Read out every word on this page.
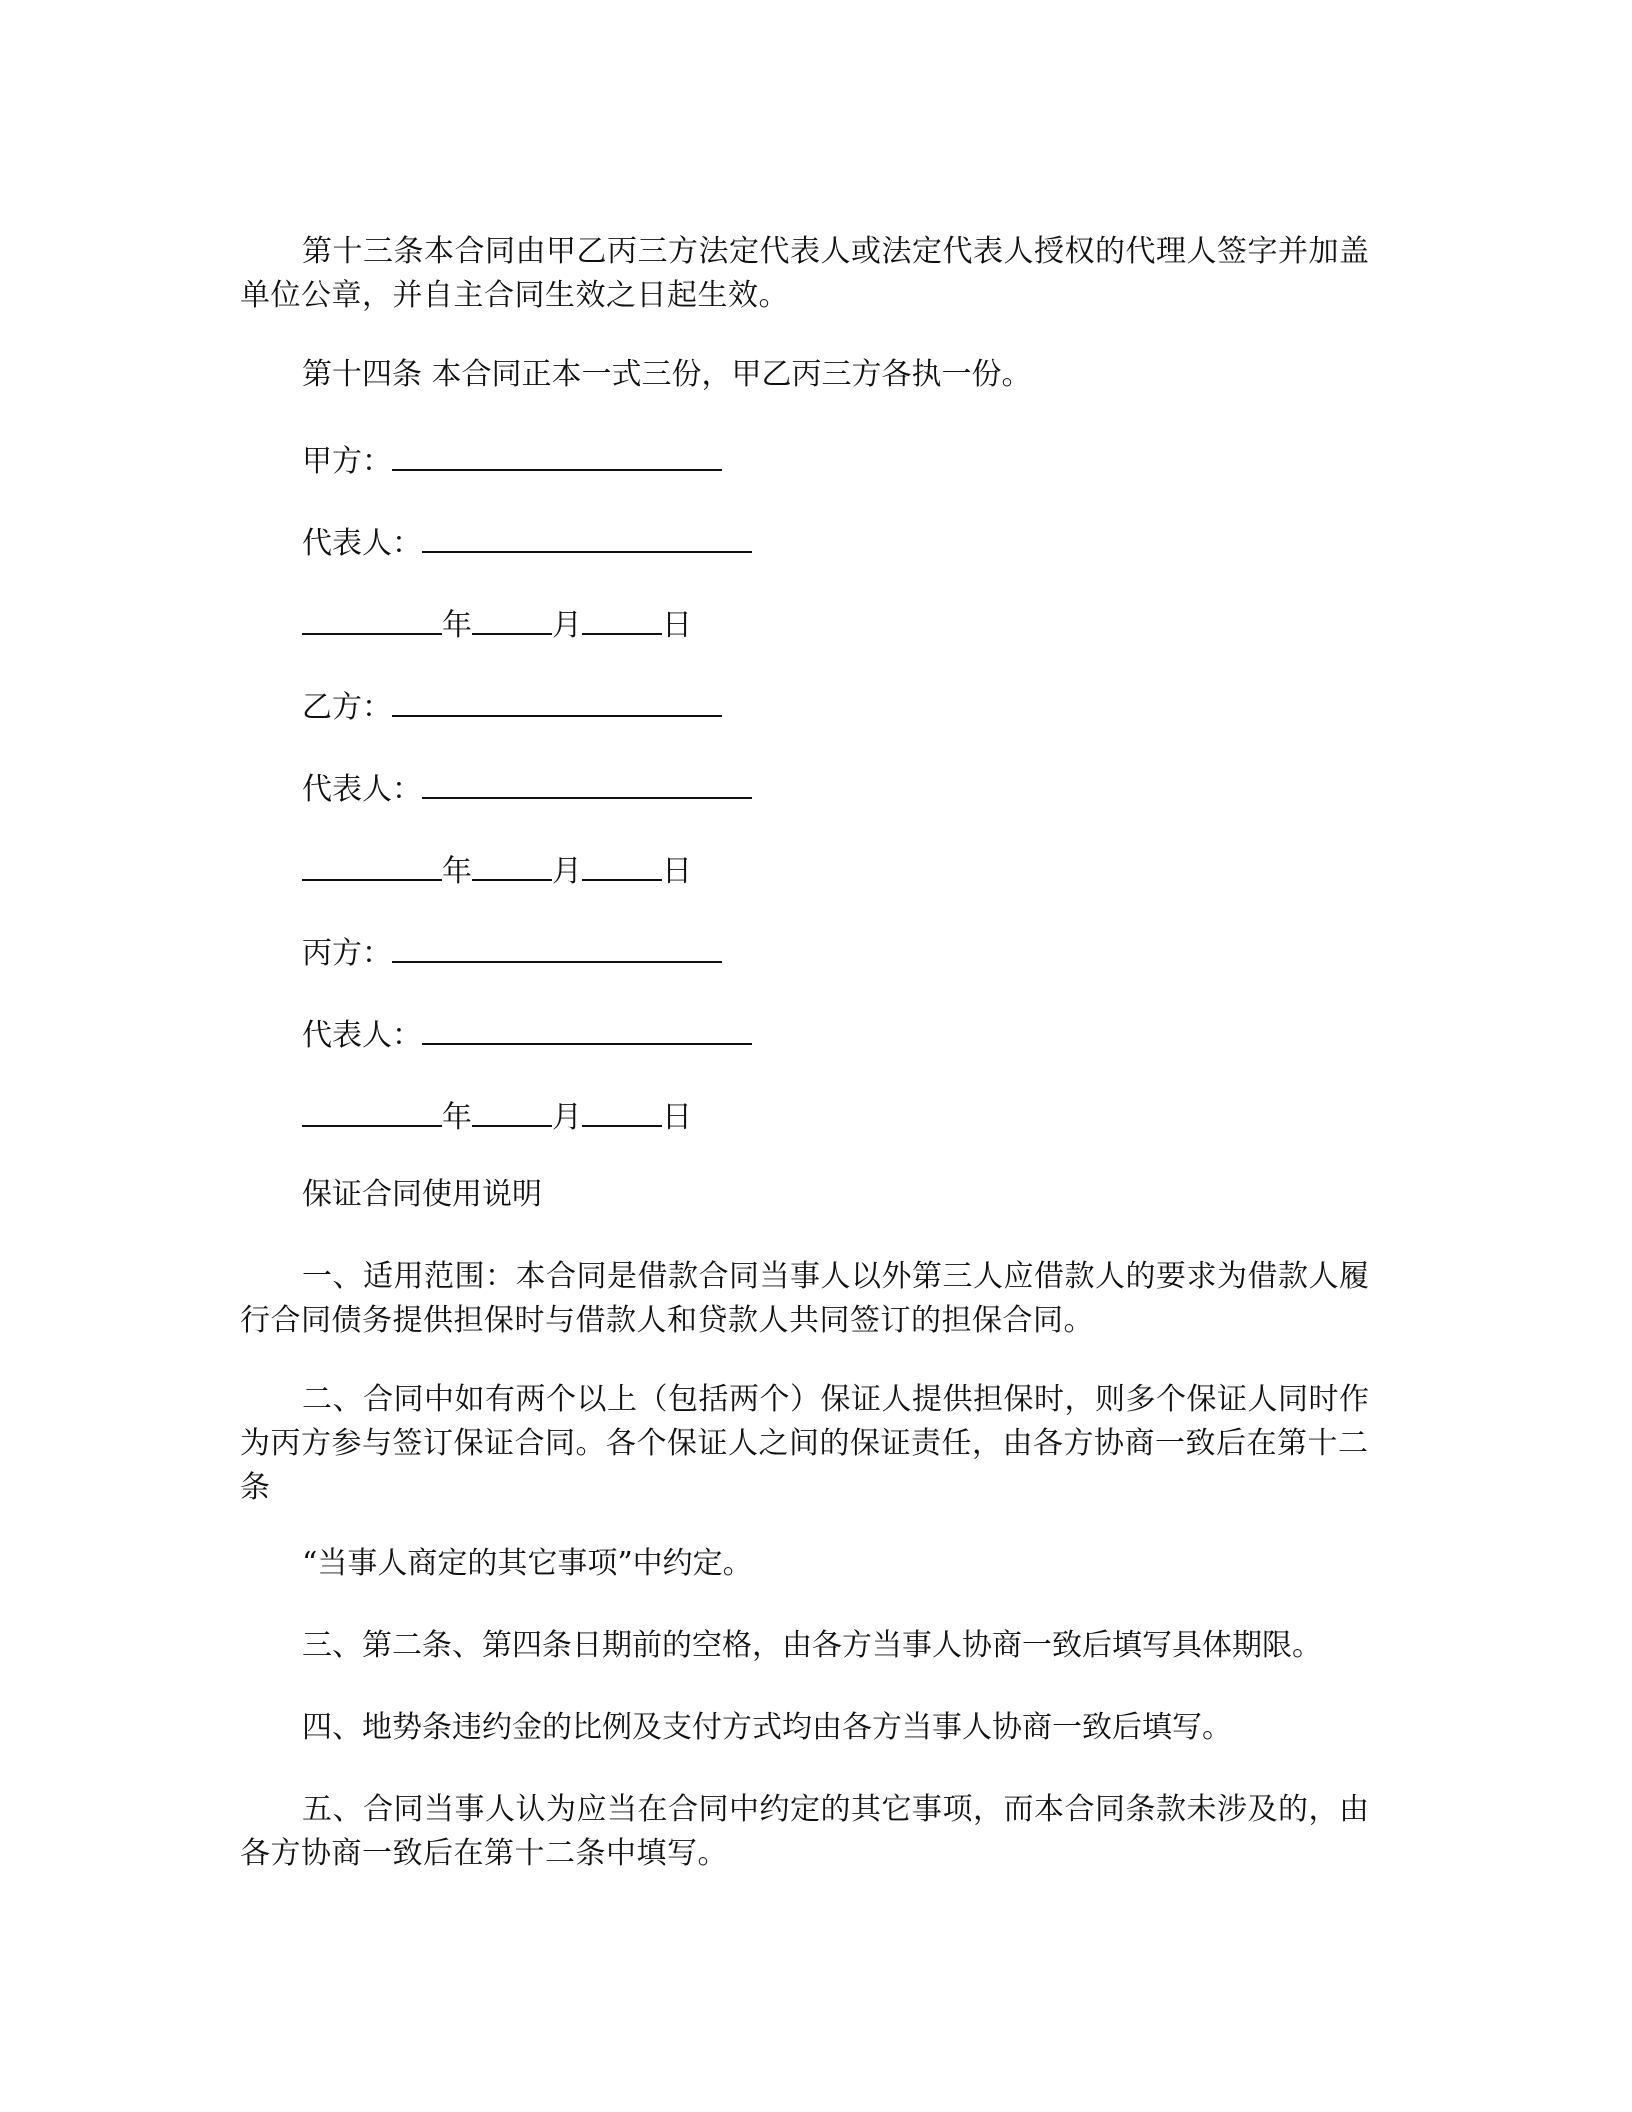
第十三条本合同由甲乙丙三方法定代表人或法定代表人授权的代理人签字并加盖单位公章，并自主合同生效之日起生效。

第十四条 本合同正本一式三份，甲乙丙三方各执一份。

甲方：

代表人：

年	月	日

乙方：

代表人：

年	月	日

丙方：

代表人：

年	月	日

保证合同使用说明

一、适用范围：本合同是借款合同当事人以外第三人应借款人的要求为借款人履行合同债务提供担保时与借款人和贷款人共同签订的担保合同。

二、合同中如有两个以上（包括两个）保证人提供担保时，则多个保证人同时作为丙方参与签订保证合同。各个保证人之间的保证责任，由各方协商一致后在第十二条

“当事人商定的其它事项”中约定。

三、第二条、第四条日期前的空格，由各方当事人协商一致后填写具体期限。

四、地势条违约金的比例及支付方式均由各方当事人协商一致后填写。

五、合同当事人认为应当在合同中约定的其它事项，而本合同条款未涉及的，由各方协商一致后在第十二条中填写。
